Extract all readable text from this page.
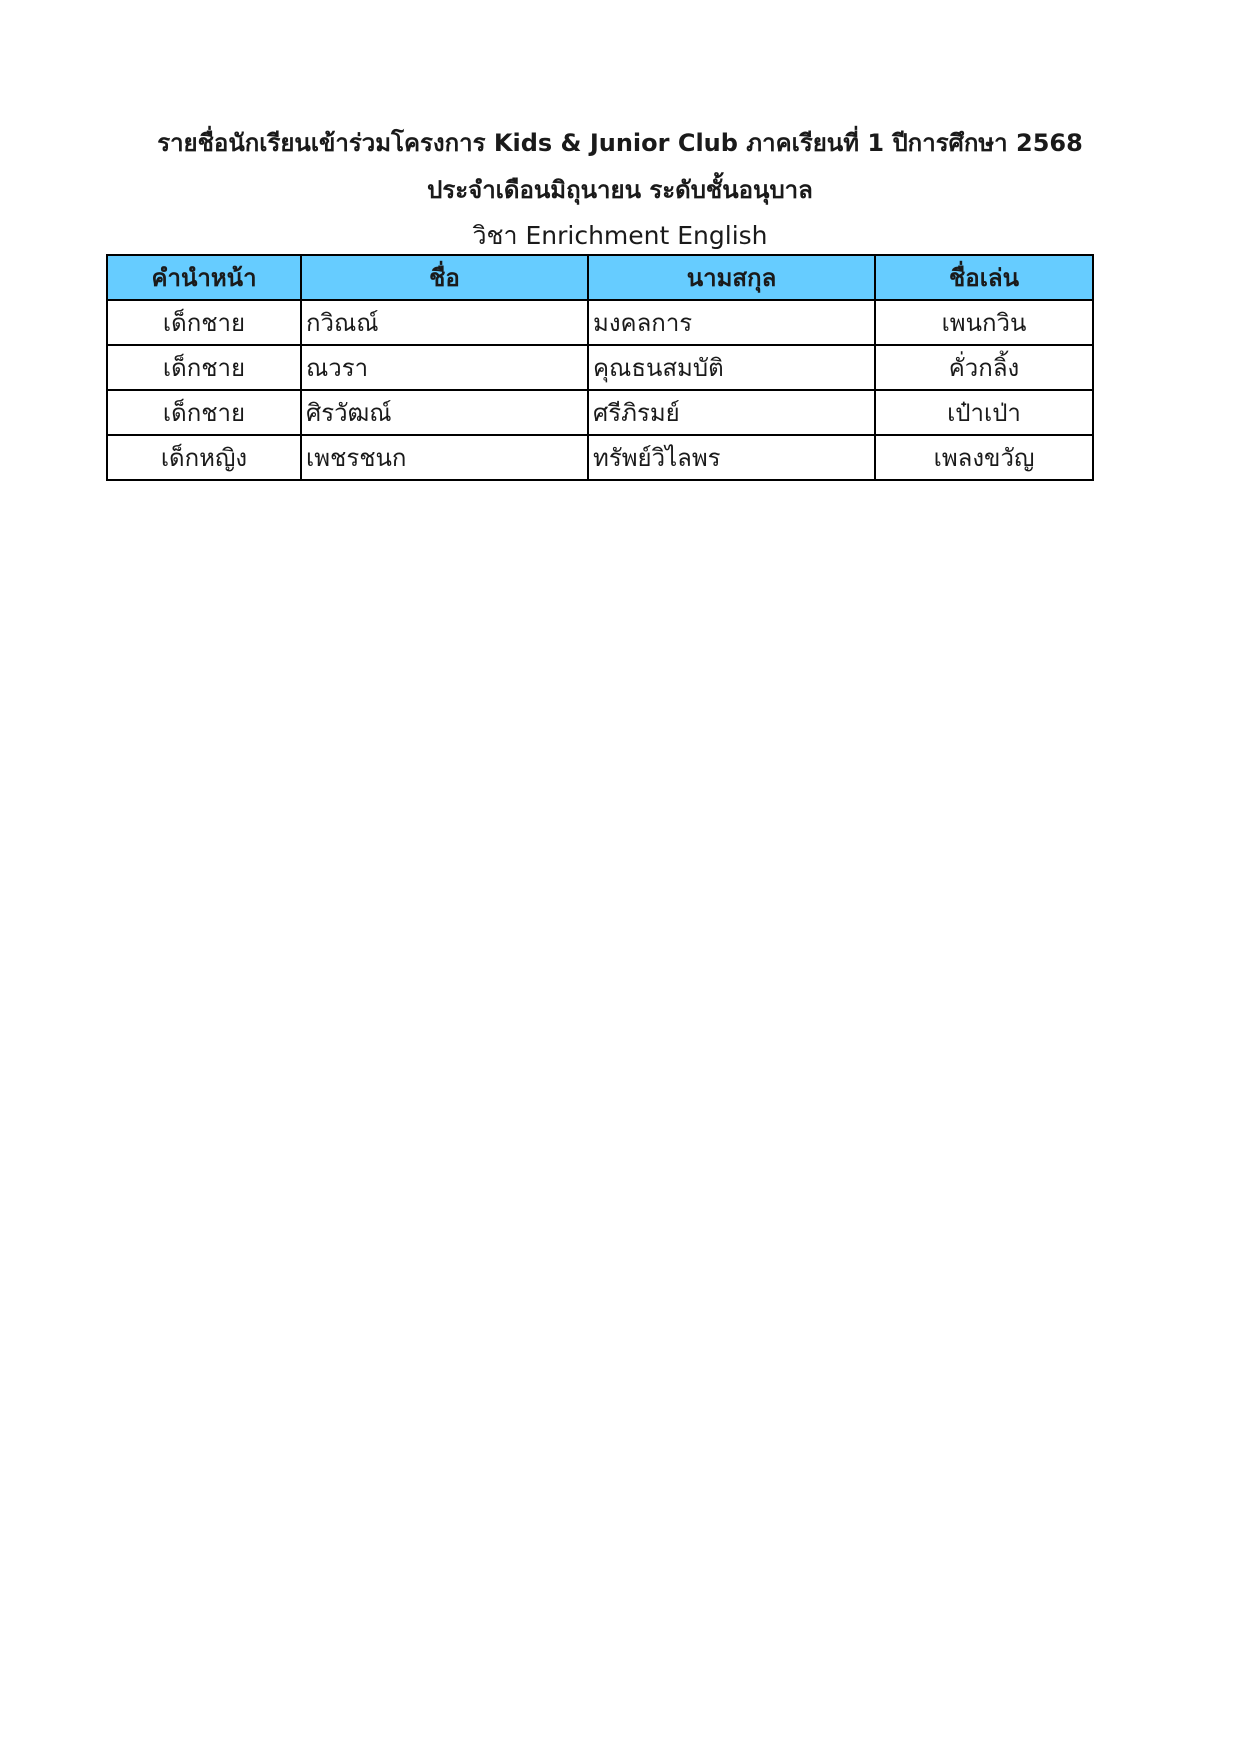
รายชื่อนักเรียนเข้าร่วมโครงการ Kids & Junior Club ภาคเรียนที่ 1 ปีการศึกษา 2568
ประจำเดือนมิถุนายน ระดับชั้นอนุบาล
วิชา Enrichment English
คำนำหน้า	ชื่อ	นามสกุล	ชื่อเล่น
เด็กชาย	กวิณณ์	มงคลการ	เพนกวิน
เด็กชาย	ณวรา	คุณธนสมบัติ	คั่วกลิ้ง
เด็กชาย	ศิรวัฒณ์	ศรีภิรมย์	เป๋าเป่า
เด็กหญิง	เพชรชนก	ทรัพย์วิไลพร	เพลงขวัญ
